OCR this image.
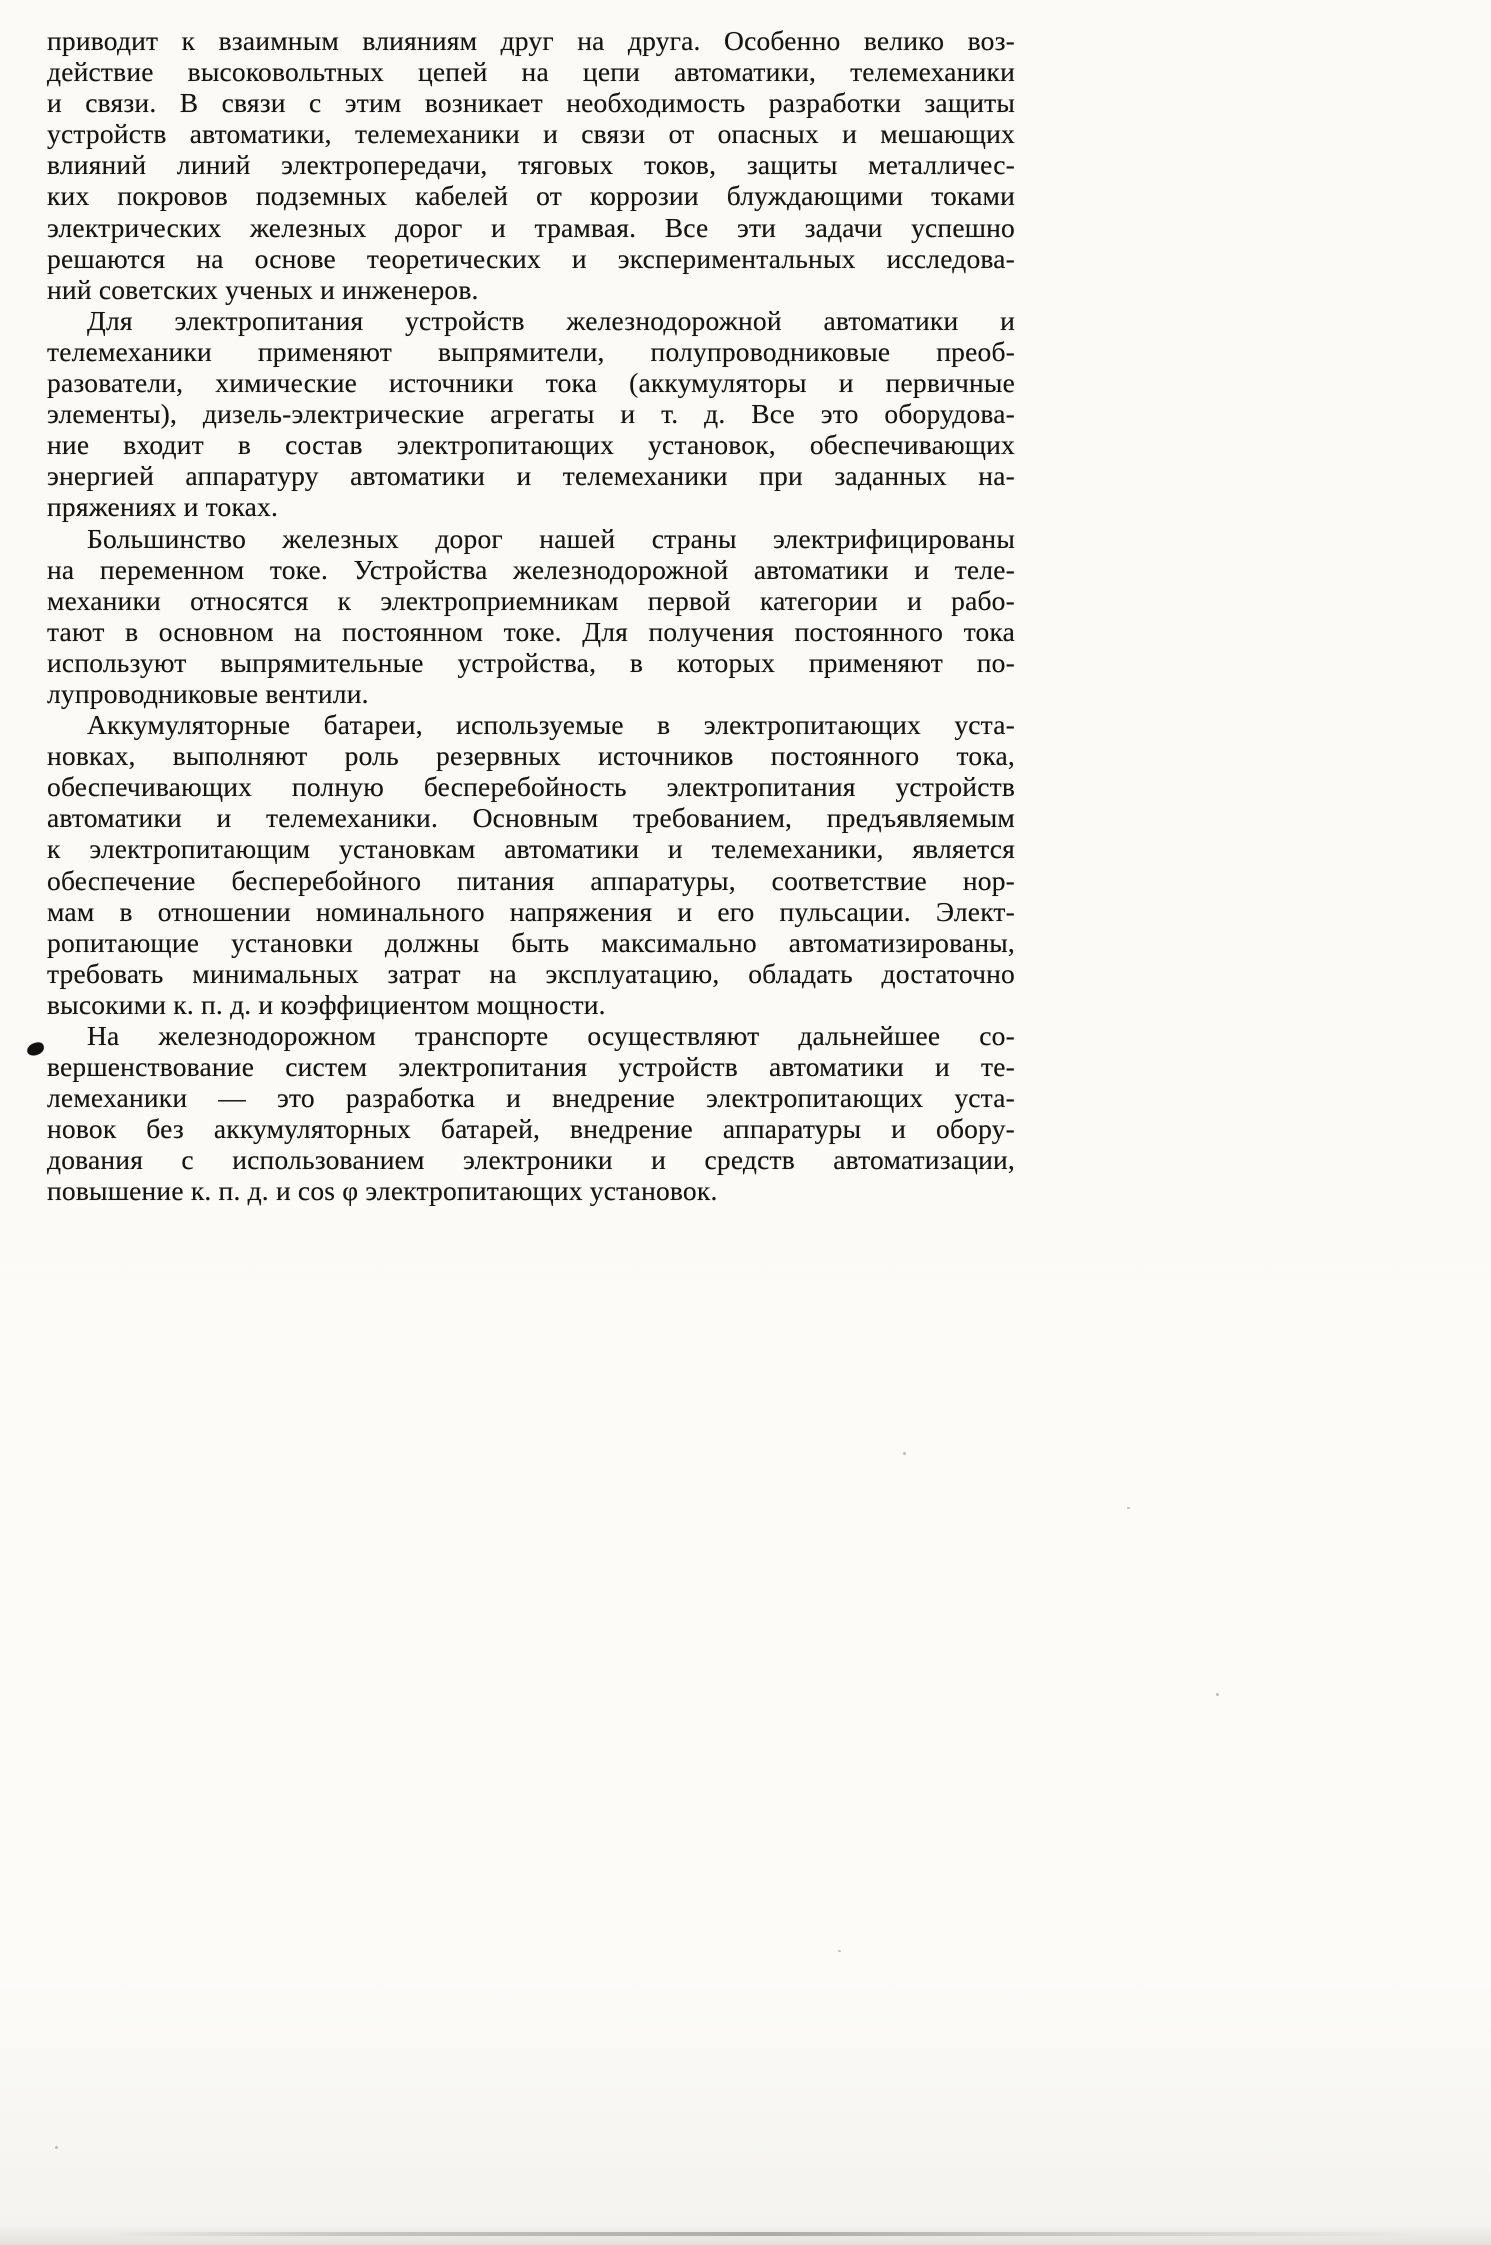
приводит к взаимным влияниям друг на друга. Особенно велико воз-
действие высоковольтных цепей на цепи автоматики, телемеханики
и связи. В связи с этим возникает необходимость разработки защиты
устройств автоматики, телемеханики и связи от опасных и мешающих
влияний линий электропередачи, тяговых токов, защиты металличес-
ких покровов подземных кабелей от коррозии блуждающими токами
электрических железных дорог и трамвая. Все эти задачи успешно
решаются на основе теоретических и экспериментальных исследова-
ний советских ученых и инженеров.
Для электропитания устройств железнодорожной автоматики и
телемеханики применяют выпрямители, полупроводниковые преоб-
разователи, химические источники тока (аккумуляторы и первичные
элементы), дизель-электрические агрегаты и т. д. Все это оборудова-
ние входит в состав электропитающих установок, обеспечивающих
энергией аппаратуру автоматики и телемеханики при заданных на-
пряжениях и токах.
Большинство железных дорог нашей страны электрифицированы
на переменном токе. Устройства железнодорожной автоматики и теле-
механики относятся к электроприемникам первой категории и рабо-
тают в основном на постоянном токе. Для получения постоянного тока
используют выпрямительные устройства, в которых применяют по-
лупроводниковые вентили.
Аккумуляторные батареи, используемые в электропитающих уста-
новках, выполняют роль резервных источников постоянного тока,
обеспечивающих полную бесперебойность электропитания устройств
автоматики и телемеханики. Основным требованием, предъявляемым
к электропитающим установкам автоматики и телемеханики, является
обеспечение бесперебойного питания аппаратуры, соответствие нор-
мам в отношении номинального напряжения и его пульсации. Элект-
ропитающие установки должны быть максимально автоматизированы,
требовать минимальных затрат на эксплуатацию, обладать достаточно
высокими к. п. д. и коэффициентом мощности.
На железнодорожном транспорте осуществляют дальнейшее со-
вершенствование систем электропитания устройств автоматики и те-
лемеханики — это разработка и внедрение электропитающих уста-
новок без аккумуляторных батарей, внедрение аппаратуры и обору-
дования с использованием электроники и средств автоматизации,
повышение к. п. д. и cos φ электропитающих установок.
